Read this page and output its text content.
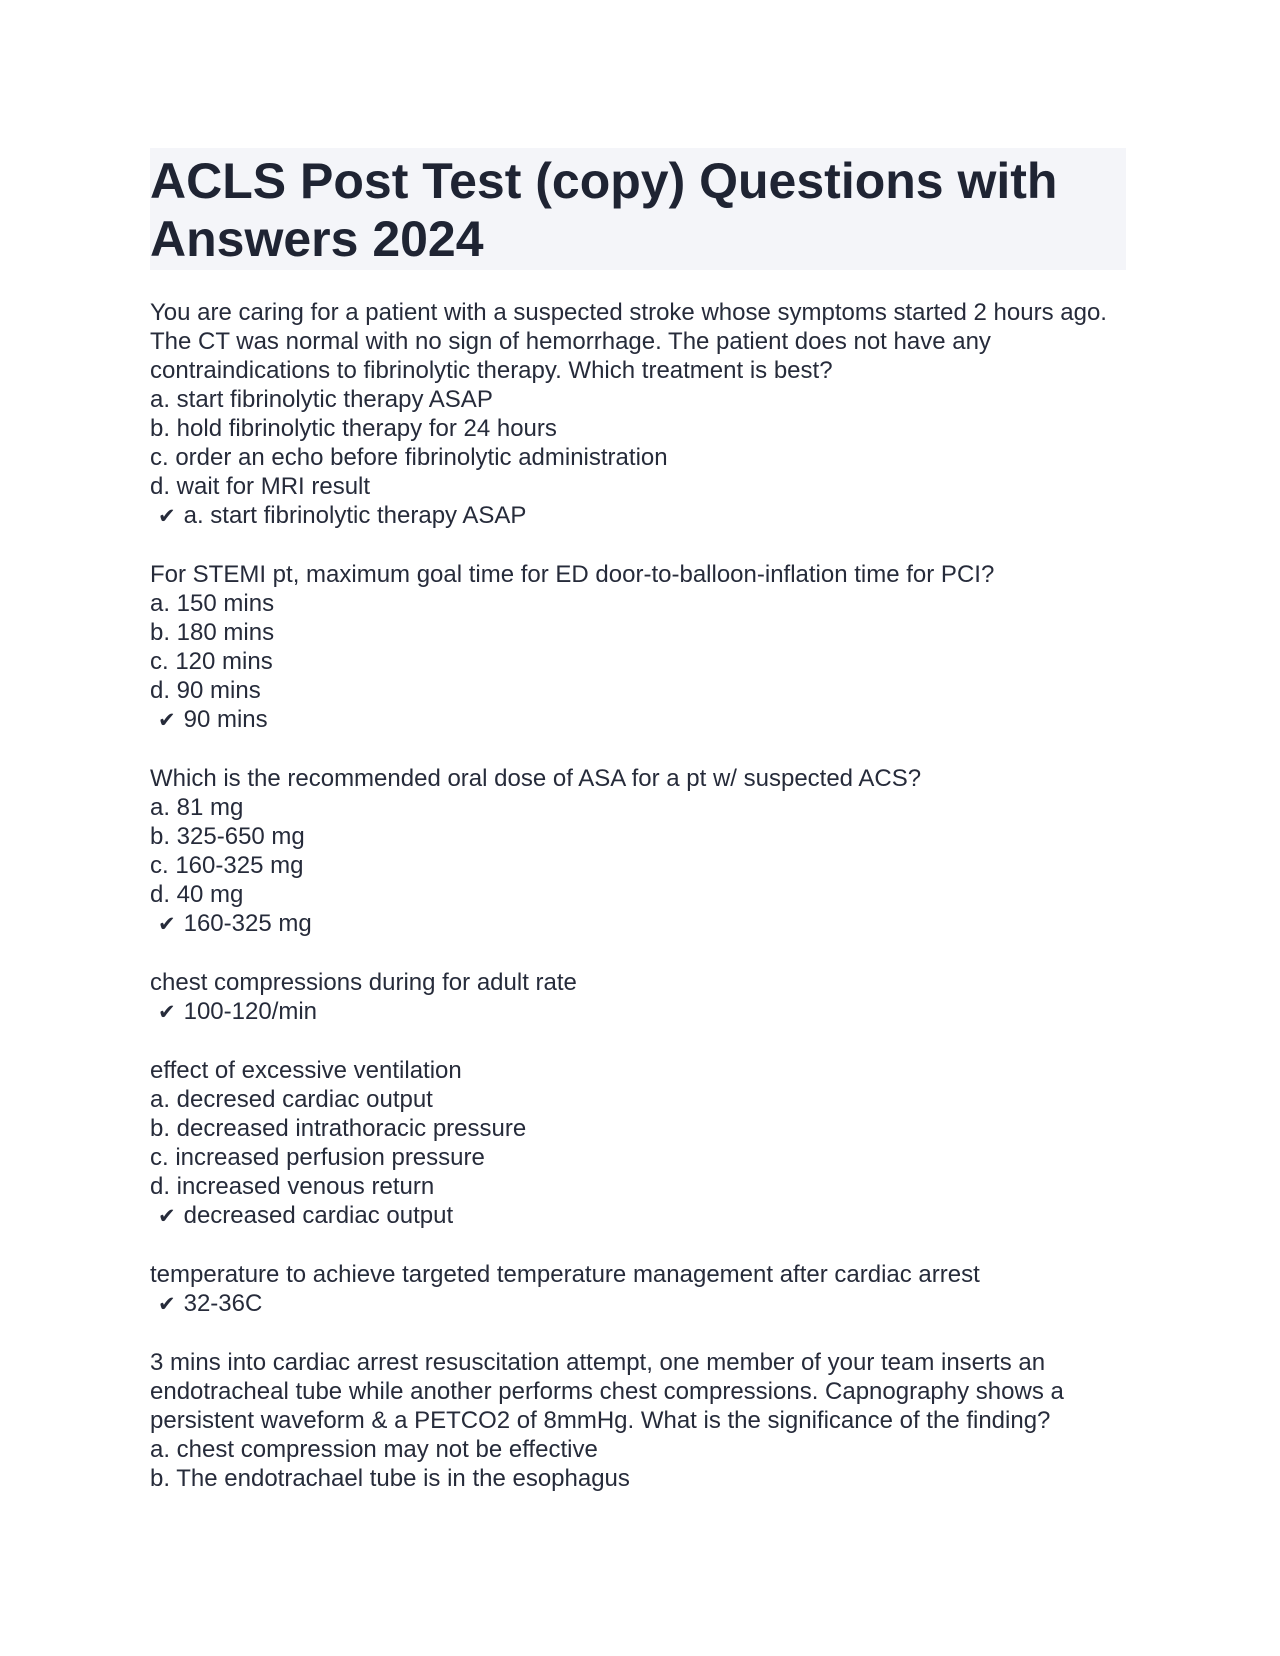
ACLS Post Test (copy) Questions with Answers 2024
You are caring for a patient with a suspected stroke whose symptoms started 2 hours ago. The CT was normal with no sign of hemorrhage. The patient does not have any contraindications to fibrinolytic therapy. Which treatment is best?
a. start fibrinolytic therapy ASAP
b. hold fibrinolytic therapy for 24 hours
c. order an echo before fibrinolytic administration
d. wait for MRI result
✔ a. start fibrinolytic therapy ASAP
For STEMI pt, maximum goal time for ED door-to-balloon-inflation time for PCI?
a. 150 mins
b. 180 mins
c. 120 mins
d. 90 mins
✔ 90 mins
Which is the recommended oral dose of ASA for a pt w/ suspected ACS?
a. 81 mg
b. 325-650 mg
c. 160-325 mg
d. 40 mg
✔ 160-325 mg
chest compressions during for adult rate
✔ 100-120/min
effect of excessive ventilation
a. decresed cardiac output
b. decreased intrathoracic pressure
c. increased perfusion pressure
d. increased venous return
✔ decreased cardiac output
temperature to achieve targeted temperature management after cardiac arrest
✔ 32-36C
3 mins into cardiac arrest resuscitation attempt, one member of your team inserts an endotracheal tube while another performs chest compressions. Capnography shows a persistent waveform & a PETCO2 of 8mmHg. What is the significance of the finding?
a. chest compression may not be effective
b. The endotrachael tube is in the esophagus
